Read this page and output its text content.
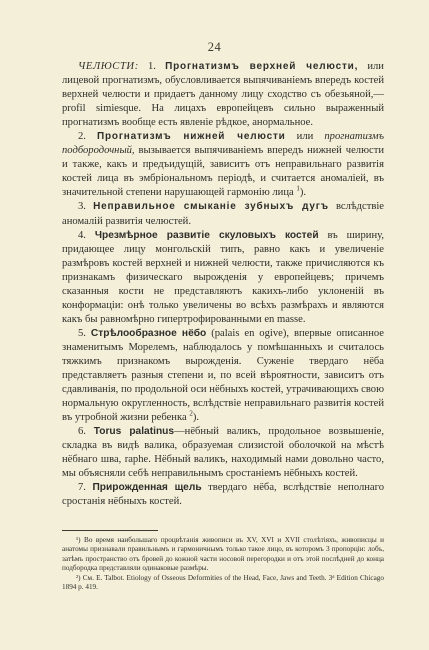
24

ЧЕЛЮСТИ: 1. Прогнатизмъ верхней челюсти, или лицевой прогнатизмъ, обусловливается выпячиваніемъ впередъ костей верхней челюсти и придаетъ данному лицу сходство съ обезьяной,— profil simiesque. На лицахъ европейцевъ сильно выраженный прогнатизмъ вообще есть явленіе рѣдкое, анормальное.

2. Прогнатизмъ нижней челюсти или прогнатизмъ подбородочный, вызывается выпячиваніемъ впередъ нижней челюсти и также, какъ и предъидущій, зависитъ отъ неправильнаго развитія костей лица въ эмбріональномъ періодѣ, и считается аномаліей, въ значительной степени нарушающей гармонію лица $^1$).

3. Неправильное смыканіе зубныхъ дугъ вслѣдствіе аномалій развитія челюстей.

4. Чрезмѣрное развитіе скуловыхъ костей въ ширину, придающее лицу монгольскій типъ, равно какъ и увеличеніе размѣровъ костей верхней и нижней челюсти, также причисляются къ признакамъ физическаго вырожденія у европейцевъ; причемъ сказанныя кости не представляютъ какихъ-либо уклоненій въ конформаціи: онѣ только увеличены во всѣхъ размѣрахъ и являются какъ бы равномѣрно гипертрофированными en masse.

5. Стрѣлообразное нёбо (palais en ogive), впервые описанное знаменитымъ Морелемъ, наблюдалось у помѣшанныхъ и считалось тяжкимъ признакомъ вырожденія. Суженіе твердаго нёба представляетъ разныя степени и, по всей вѣроятности, зависитъ отъ сдавливанія, по продольной оси нёбныхъ костей, утрачивающихъ свою нормальную округленность, вслѣдствіе неправильнаго развитія костей въ утробной жизни ребенка $^2$).

6. Torus palatinus—нёбный валикъ, продольное возвышеніе, складка въ видѣ валика, образуемая слизистой оболочкой на мѣстѣ нёбнаго шва, raphe. Нёбный валикъ, находимый нами довольно часто, мы объясняли себѣ неправильнымъ сростаніемъ нёбныхъ костей.

7. Прирожденная щель твердаго нёба, вслѣдствіе неполнаго сростанія нёбныхъ костей.

¹) Во время наибольшаго процвѣтанія живописи въ XV, XVI и XVII столѣтіяхъ, живописцы и анатомы признавали правильнымъ и гармоничнымъ только такое лицо, въ которомъ 3 пропорціи: лобъ, затѣмъ пространство отъ бровей до кожной части носовой перегородки и отъ этой послѣдней до конца подбородка представляли одинаковые размѣры.

²) См. E. Talbot. Etiology of Osseous Deformities of the Head, Face, Jaws and Teeth. 3ᵈ Edition Chicago 1894 p. 419.
